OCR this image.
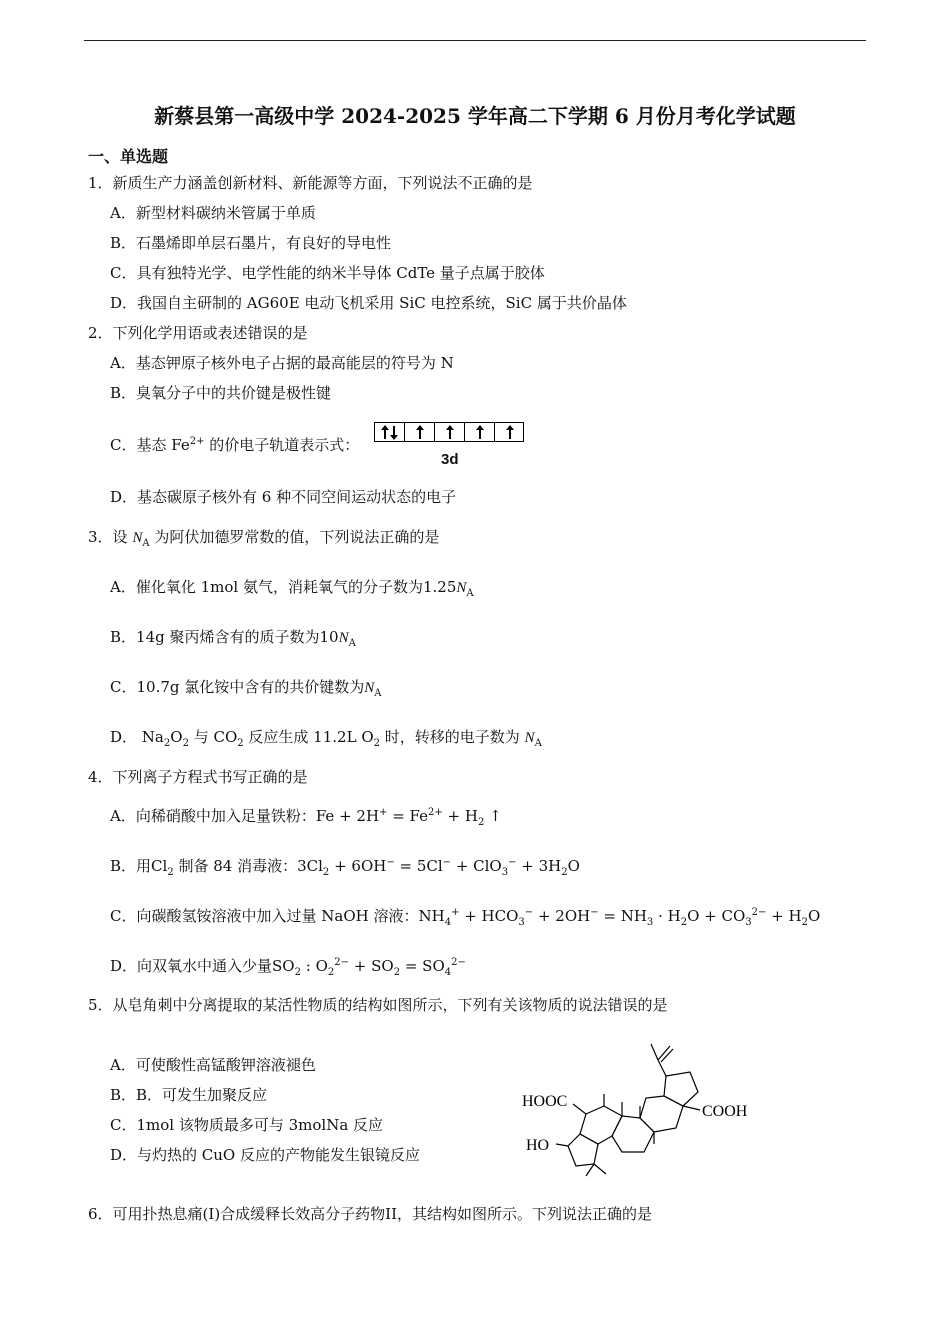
新蔡县第一高级中学 2024-2025 学年高二下学期 6 月份月考化学试题
一、单选题
1．新质生产力涵盖创新材料、新能源等方面，下列说法不正确的是
A．新型材料碳纳米管属于单质
B．石墨烯即单层石墨片，有良好的导电性
C．具有独特光学、电学性能的纳米半导体 CdTe 量子点属于胶体
D．我国自主研制的 AG60E 电动飞机采用 SiC 电控系统，SiC 属于共价晶体
2．下列化学用语或表述错误的是
A．基态钾原子核外电子占据的最高能层的符号为 N
B．臭氧分子中的共价键是极性键
C．基态 $Fe^{2+}$ 的价电子轨道表示式：
3d
D．基态碳原子核外有 6 种不同空间运动状态的电子
3．设 $N_A$ 为阿伏加德罗常数的值，下列说法正确的是
A．催化氧化 1mol 氨气，消耗氧气的分子数为$1.25N_A$
B．14g 聚丙烯含有的质子数为$10N_A$
C．10.7g 氯化铵中含有的共价键数为$N_A$
D． $Na_2O_2$ 与 $CO_2$ 反应生成 11.2L $O_2$ 时，转移的电子数为 $N_A$
4．下列离子方程式书写正确的是
A．向稀硝酸中加入足量铁粉：$Fe + 2H^+ = Fe^{2+} + H_2$ ↑
B．用$Cl_2$ 制备 84 消毒液：$3Cl_2 + 6OH^- = 5Cl^- + ClO_3^- + 3H_2O$
C．向碳酸氢铵溶液中加入过量 NaOH 溶液：$NH_4^+ + HCO_3^- + 2OH^- = NH_3 \cdot H_2O + CO_3^{2-} + H_2O$
D．向双氧水中通入少量$SO_2$ : $O_2^{2-} + SO_2 = SO_4^{2-}$
5．从皂角刺中分离提取的某活性物质的结构如图所示，下列有关该物质的说法错误的是
A．可使酸性高锰酸钾溶液褪色
B．B．可发生加聚反应
C．1mol 该物质最多可与 3molNa 反应
D．与灼热的 CuO 反应的产物能发生银镜反应
HOOC
COOH
HO
6．可用扑热息痛(I)合成缓释长效高分子药物II，其结构如图所示。下列说法正确的是
